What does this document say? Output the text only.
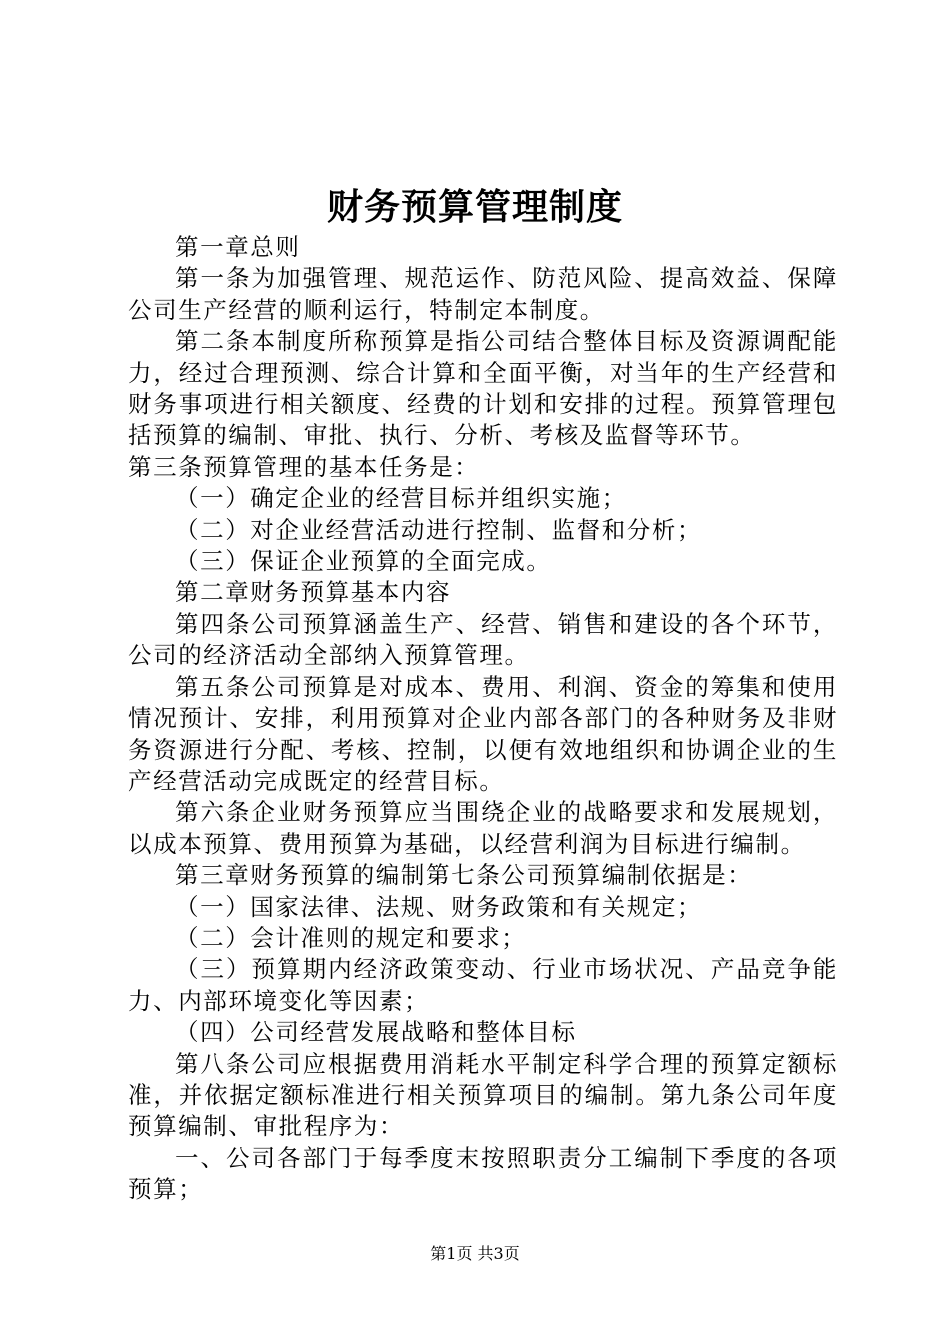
财务预算管理制度

第一章总则

第一条为加强管理、规范运作、防范风险、提高效益、保障公司生产经营的顺利运行，特制定本制度。

第二条本制度所称预算是指公司结合整体目标及资源调配能力，经过合理预测、综合计算和全面平衡，对当年的生产经营和财务事项进行相关额度、经费的计划和安排的过程。预算管理包括预算的编制、审批、执行、分析、考核及监督等环节。

第三条预算管理的基本任务是：

（一）确定企业的经营目标并组织实施；

（二）对企业经营活动进行控制、监督和分析；

（三）保证企业预算的全面完成。

第二章财务预算基本内容

第四条公司预算涵盖生产、经营、销售和建设的各个环节，公司的经济活动全部纳入预算管理。

第五条公司预算是对成本、费用、利润、资金的筹集和使用情况预计、安排，利用预算对企业内部各部门的各种财务及非财务资源进行分配、考核、控制，以便有效地组织和协调企业的生产经营活动完成既定的经营目标。

第六条企业财务预算应当围绕企业的战略要求和发展规划，以成本预算、费用预算为基础，以经营利润为目标进行编制。

第三章财务预算的编制第七条公司预算编制依据是：

（一）国家法律、法规、财务政策和有关规定；

（二）会计准则的规定和要求；

（三）预算期内经济政策变动、行业市场状况、产品竞争能力、内部环境变化等因素；

（四）公司经营发展战略和整体目标

第八条公司应根据费用消耗水平制定科学合理的预算定额标准，并依据定额标准进行相关预算项目的编制。第九条公司年度预算编制、审批程序为：

一、公司各部门于每季度末按照职责分工编制下季度的各项预算；

第1页 共3页
